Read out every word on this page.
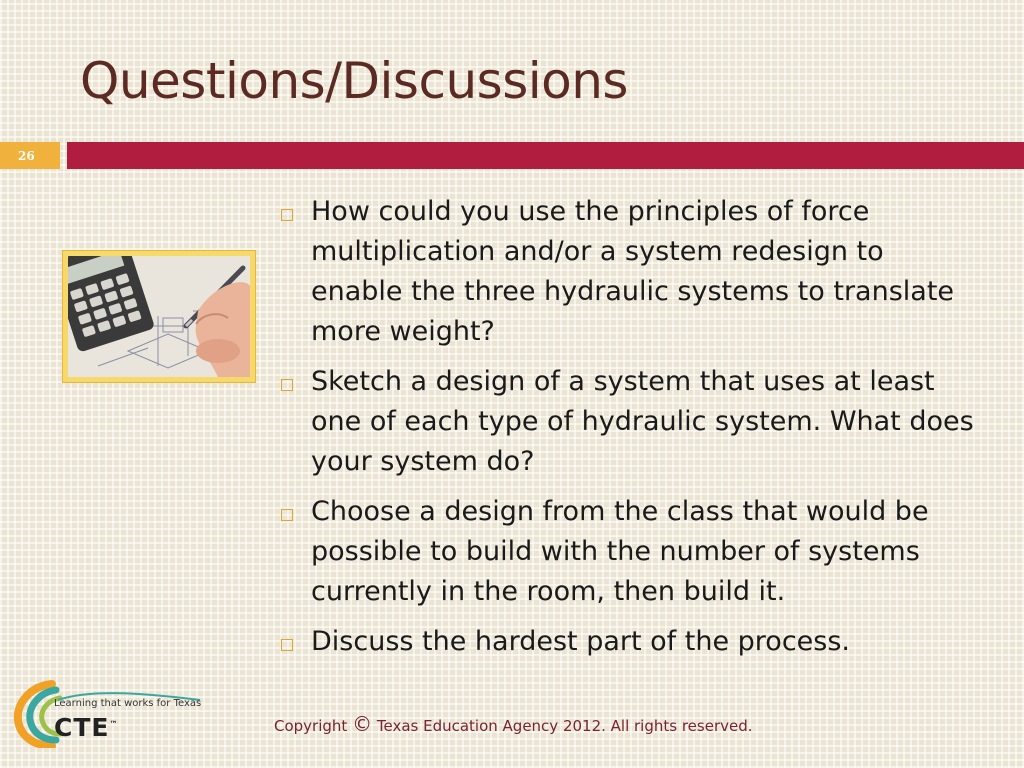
Questions/Discussions
26
How could you use the principles of force multiplication and/or a system redesign to enable the three hydraulic systems to translate more weight?
Sketch a design of a system that uses at least one of each type of hydraulic system. What does your system do?
Choose a design from the class that would be possible to build with the number of systems currently in the room, then build it.
Discuss the hardest part of the process.
Learning that works for Texas
CTE™	Copyright © Texas Education Agency 2012. All rights reserved.
